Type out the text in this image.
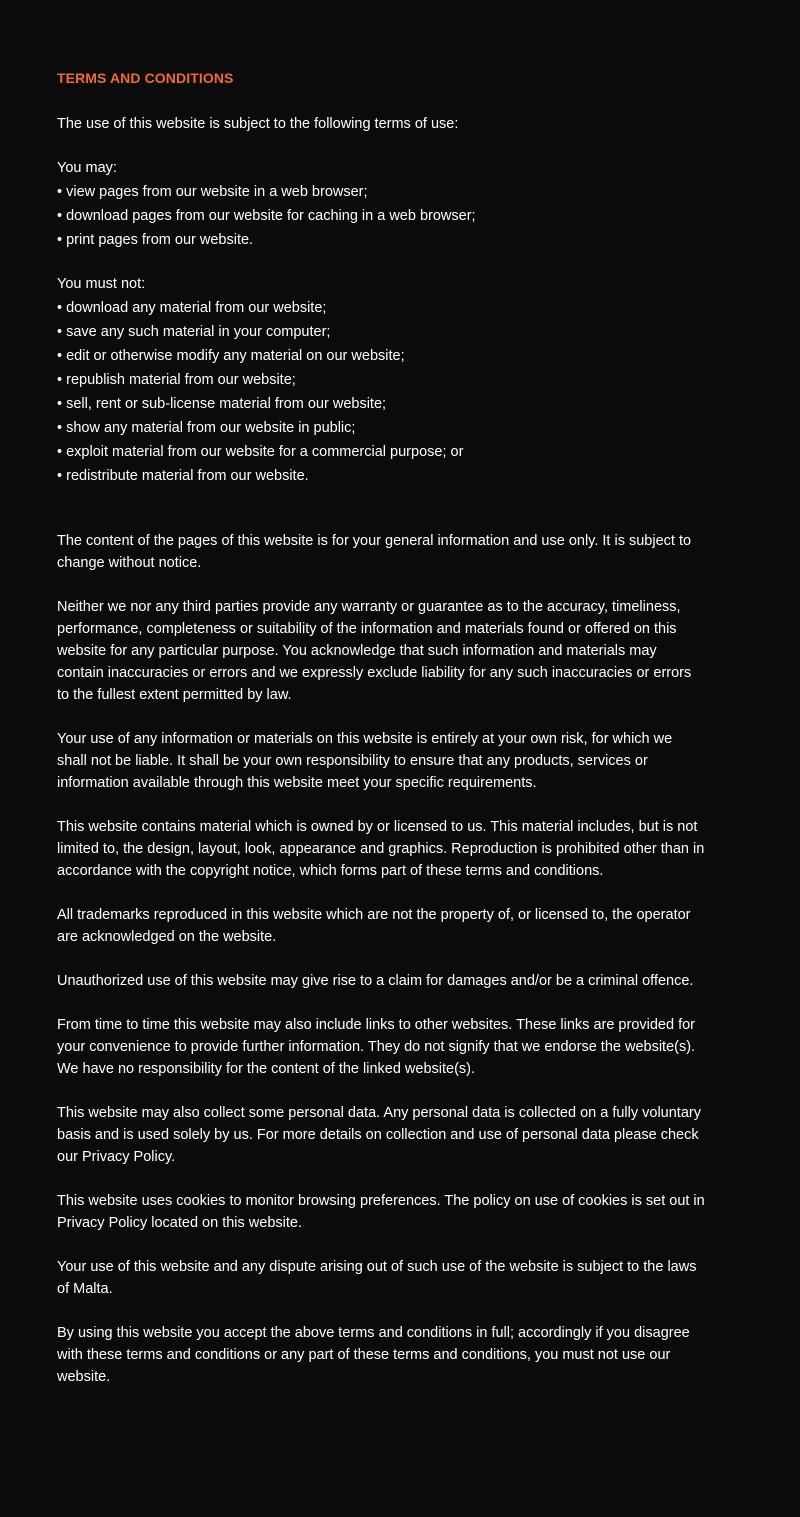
TERMS AND CONDITIONS

The use of this website is subject to the following terms of use:

You may:
• view pages from our website in a web browser;
• download pages from our website for caching in a web browser;
• print pages from our website.
You must not:
• download any material from our website;
• save any such material in your computer;
• edit or otherwise modify any material on our website;
• republish material from our website;
• sell, rent or sub-license material from our website;
• show any material from our website in public;
• exploit material from our website for a commercial purpose; or
• redistribute material from our website.

The content of the pages of this website is for your general information and use only. It is subject to change without notice.

Neither we nor any third parties provide any warranty or guarantee as to the accuracy, timeliness, performance, completeness or suitability of the information and materials found or offered on this website for any particular purpose. You acknowledge that such information and materials may contain inaccuracies or errors and we expressly exclude liability for any such inaccuracies or errors to the fullest extent permitted by law.

Your use of any information or materials on this website is entirely at your own risk, for which we shall not be liable. It shall be your own responsibility to ensure that any products, services or information available through this website meet your specific requirements.

This website contains material which is owned by or licensed to us. This material includes, but is not limited to, the design, layout, look, appearance and graphics. Reproduction is prohibited other than in accordance with the copyright notice, which forms part of these terms and conditions.

All trademarks reproduced in this website which are not the property of, or licensed to, the operator are acknowledged on the website.

Unauthorized use of this website may give rise to a claim for damages and/or be a criminal offence.

From time to time this website may also include links to other websites. These links are provided for your convenience to provide further information. They do not signify that we endorse the website(s). We have no responsibility for the content of the linked website(s).

This website may also collect some personal data. Any personal data is collected on a fully voluntary basis and is used solely by us. For more details on collection and use of personal data please check our Privacy Policy.

This website uses cookies to monitor browsing preferences. The policy on use of cookies is set out in Privacy Policy located on this website.

Your use of this website and any dispute arising out of such use of the website is subject to the laws of Malta.

By using this website you accept the above terms and conditions in full; accordingly if you disagree with these terms and conditions or any part of these terms and conditions, you must not use our website.
